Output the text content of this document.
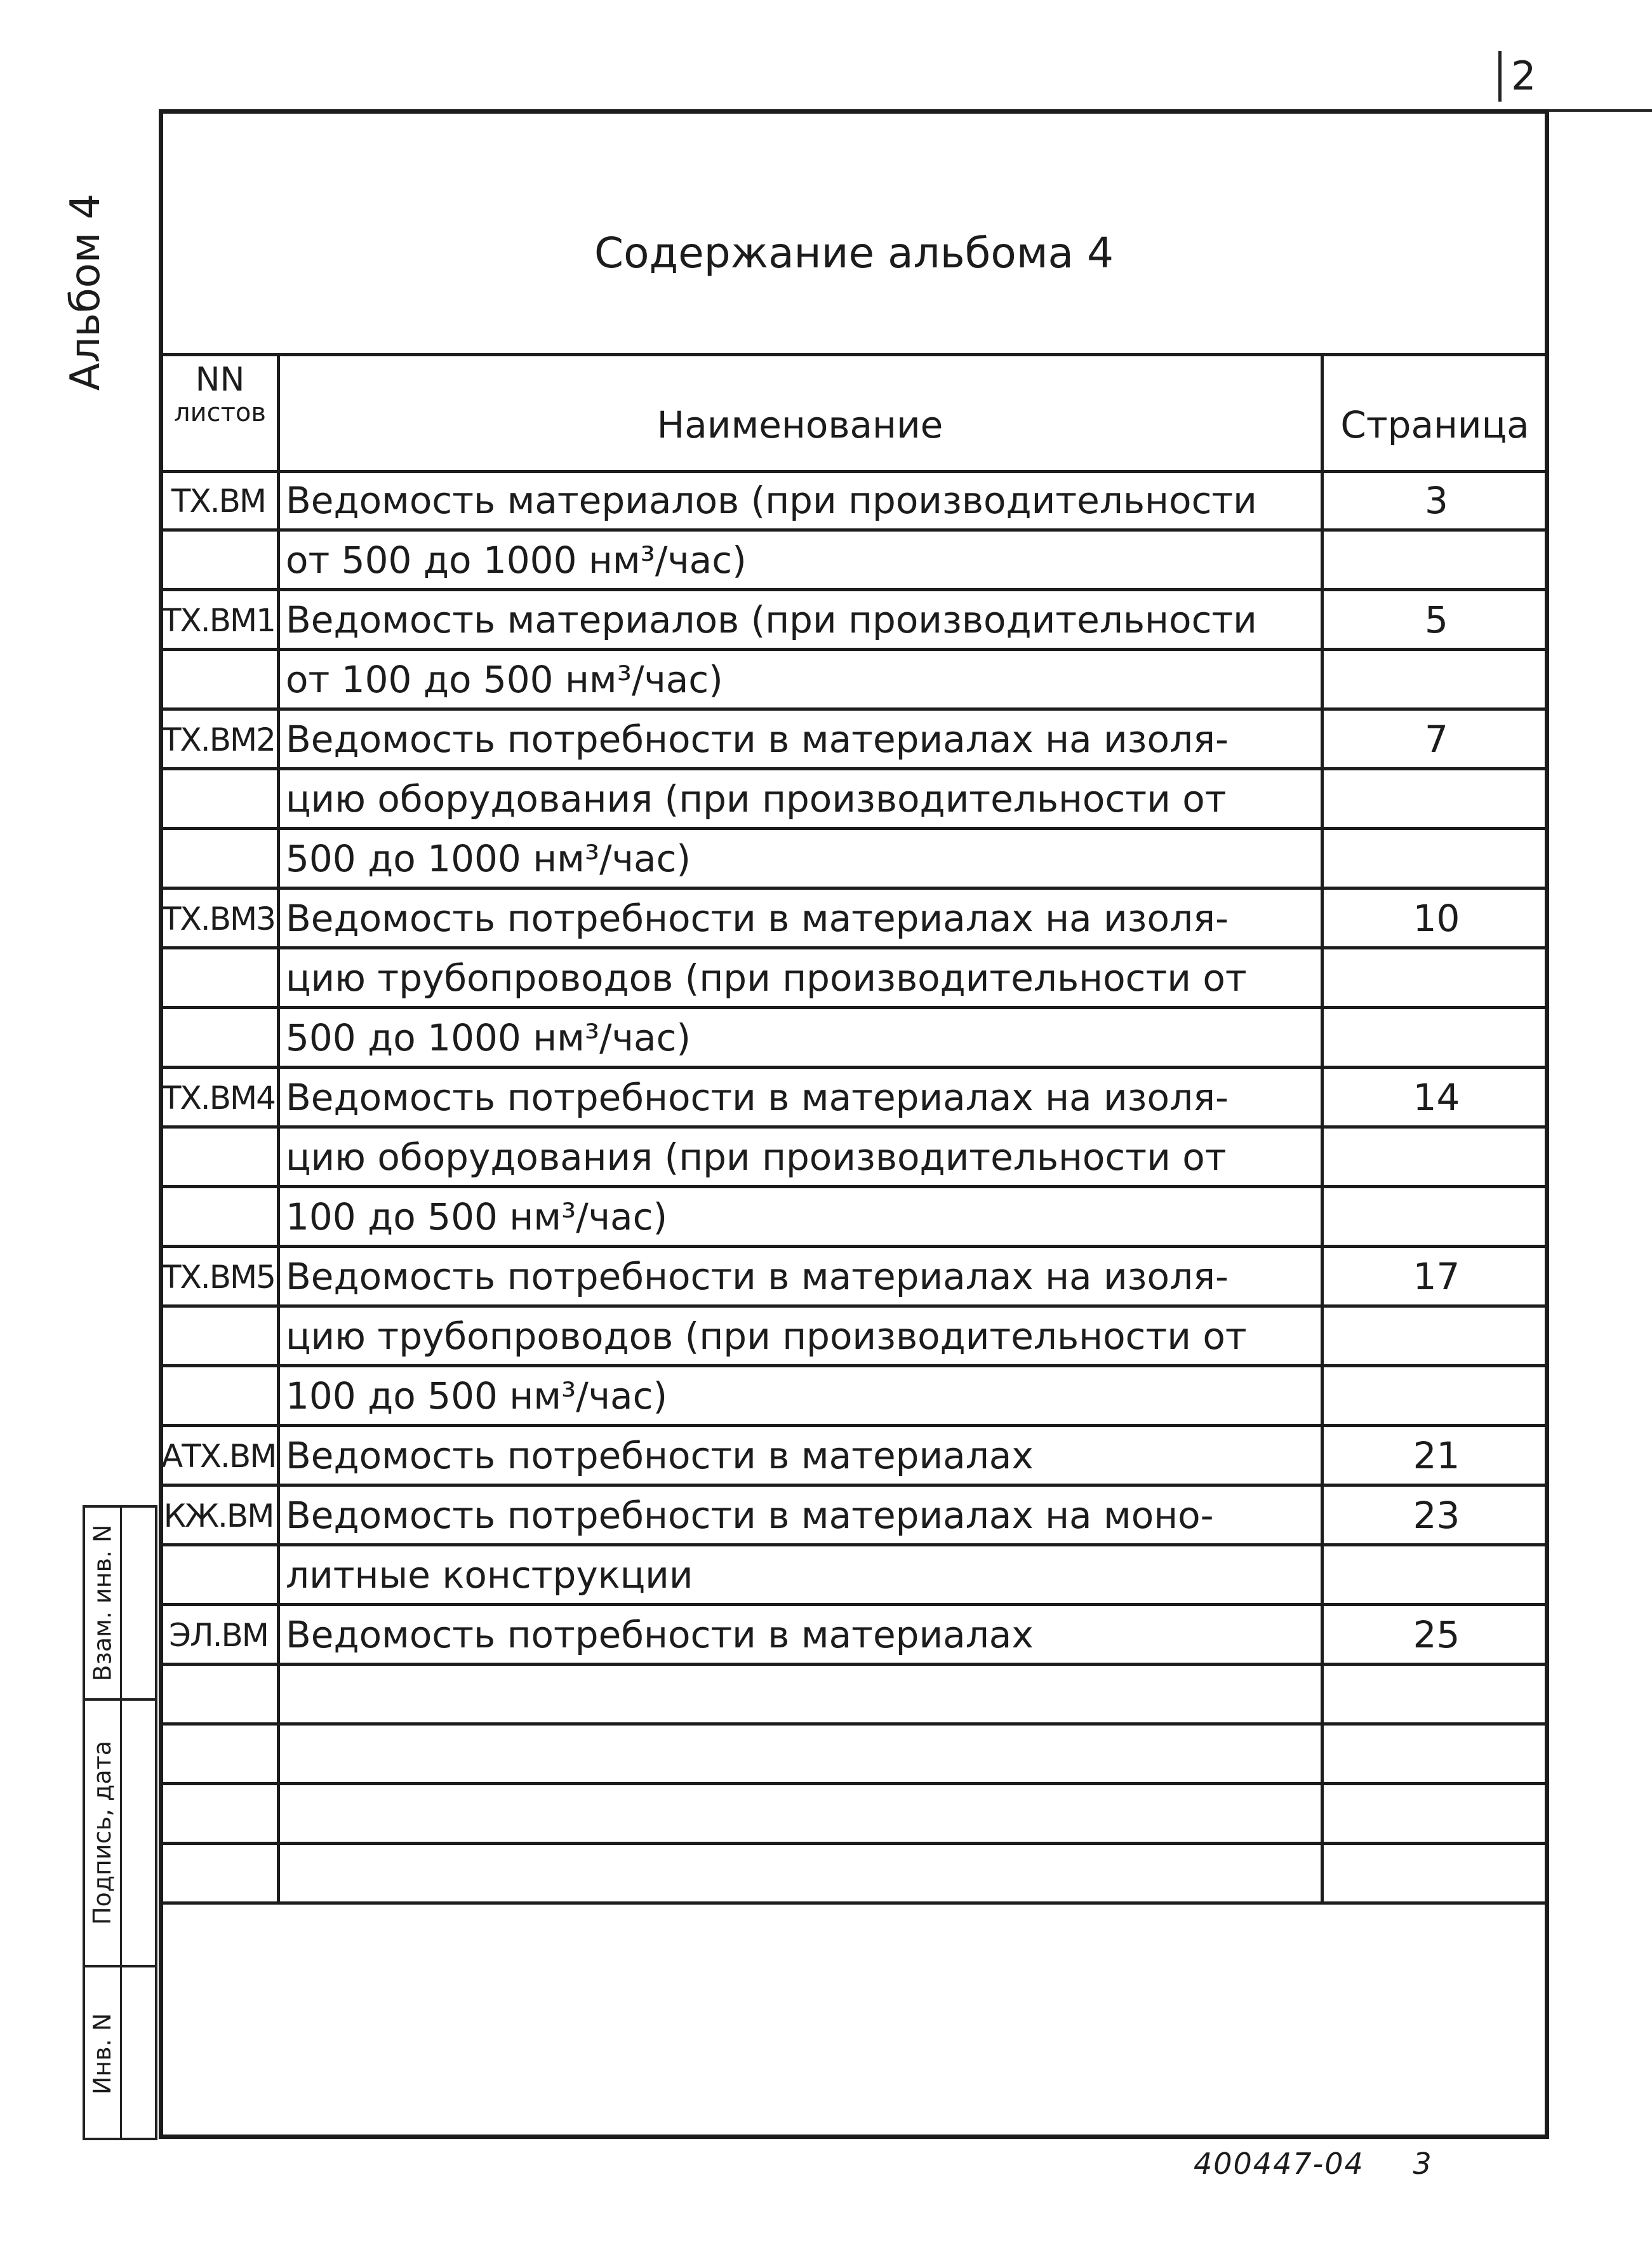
2
Альбом 4	Содержание альбома 4
NN
листов	Наименование	Страница
ТХ.ВМ Ведомость материалов (при производительности	3
от 500 до 1000 нм³/час)
ТХ.ВМ1 Ведомость материалов (при производительности	5
от 100 до 500 нм³/час)
ТХ.ВМ2 Ведомость потребности в материалах на изоля-	7
цию оборудования (при производительности от
500 до 1000 нм³/час)
ТХ.ВМ3 Ведомость потребности в материалах на изоля-	10
цию трубопроводов (при производительности от
500 до 1000 нм³/час)
ТХ.ВМ4 Ведомость потребности в материалах на изоля-	14
цию оборудования (при производительности от
100 до 500 нм³/час)
ТХ.ВМ5 Ведомость потребности в материалах на изоля-	17
цию трубопроводов (при производительности от
100 до 500 нм³/час)
АТХ.ВМ Ведомость потребности в материалах	21
КЖ.ВМ Ведомость потребности в материалах на моно-	23
литные конструкции
ЭЛ.ВМ Ведомость потребности в материалах	25
Взам. инв. N
Подпись, дата
Инв. N
400447-04 3
